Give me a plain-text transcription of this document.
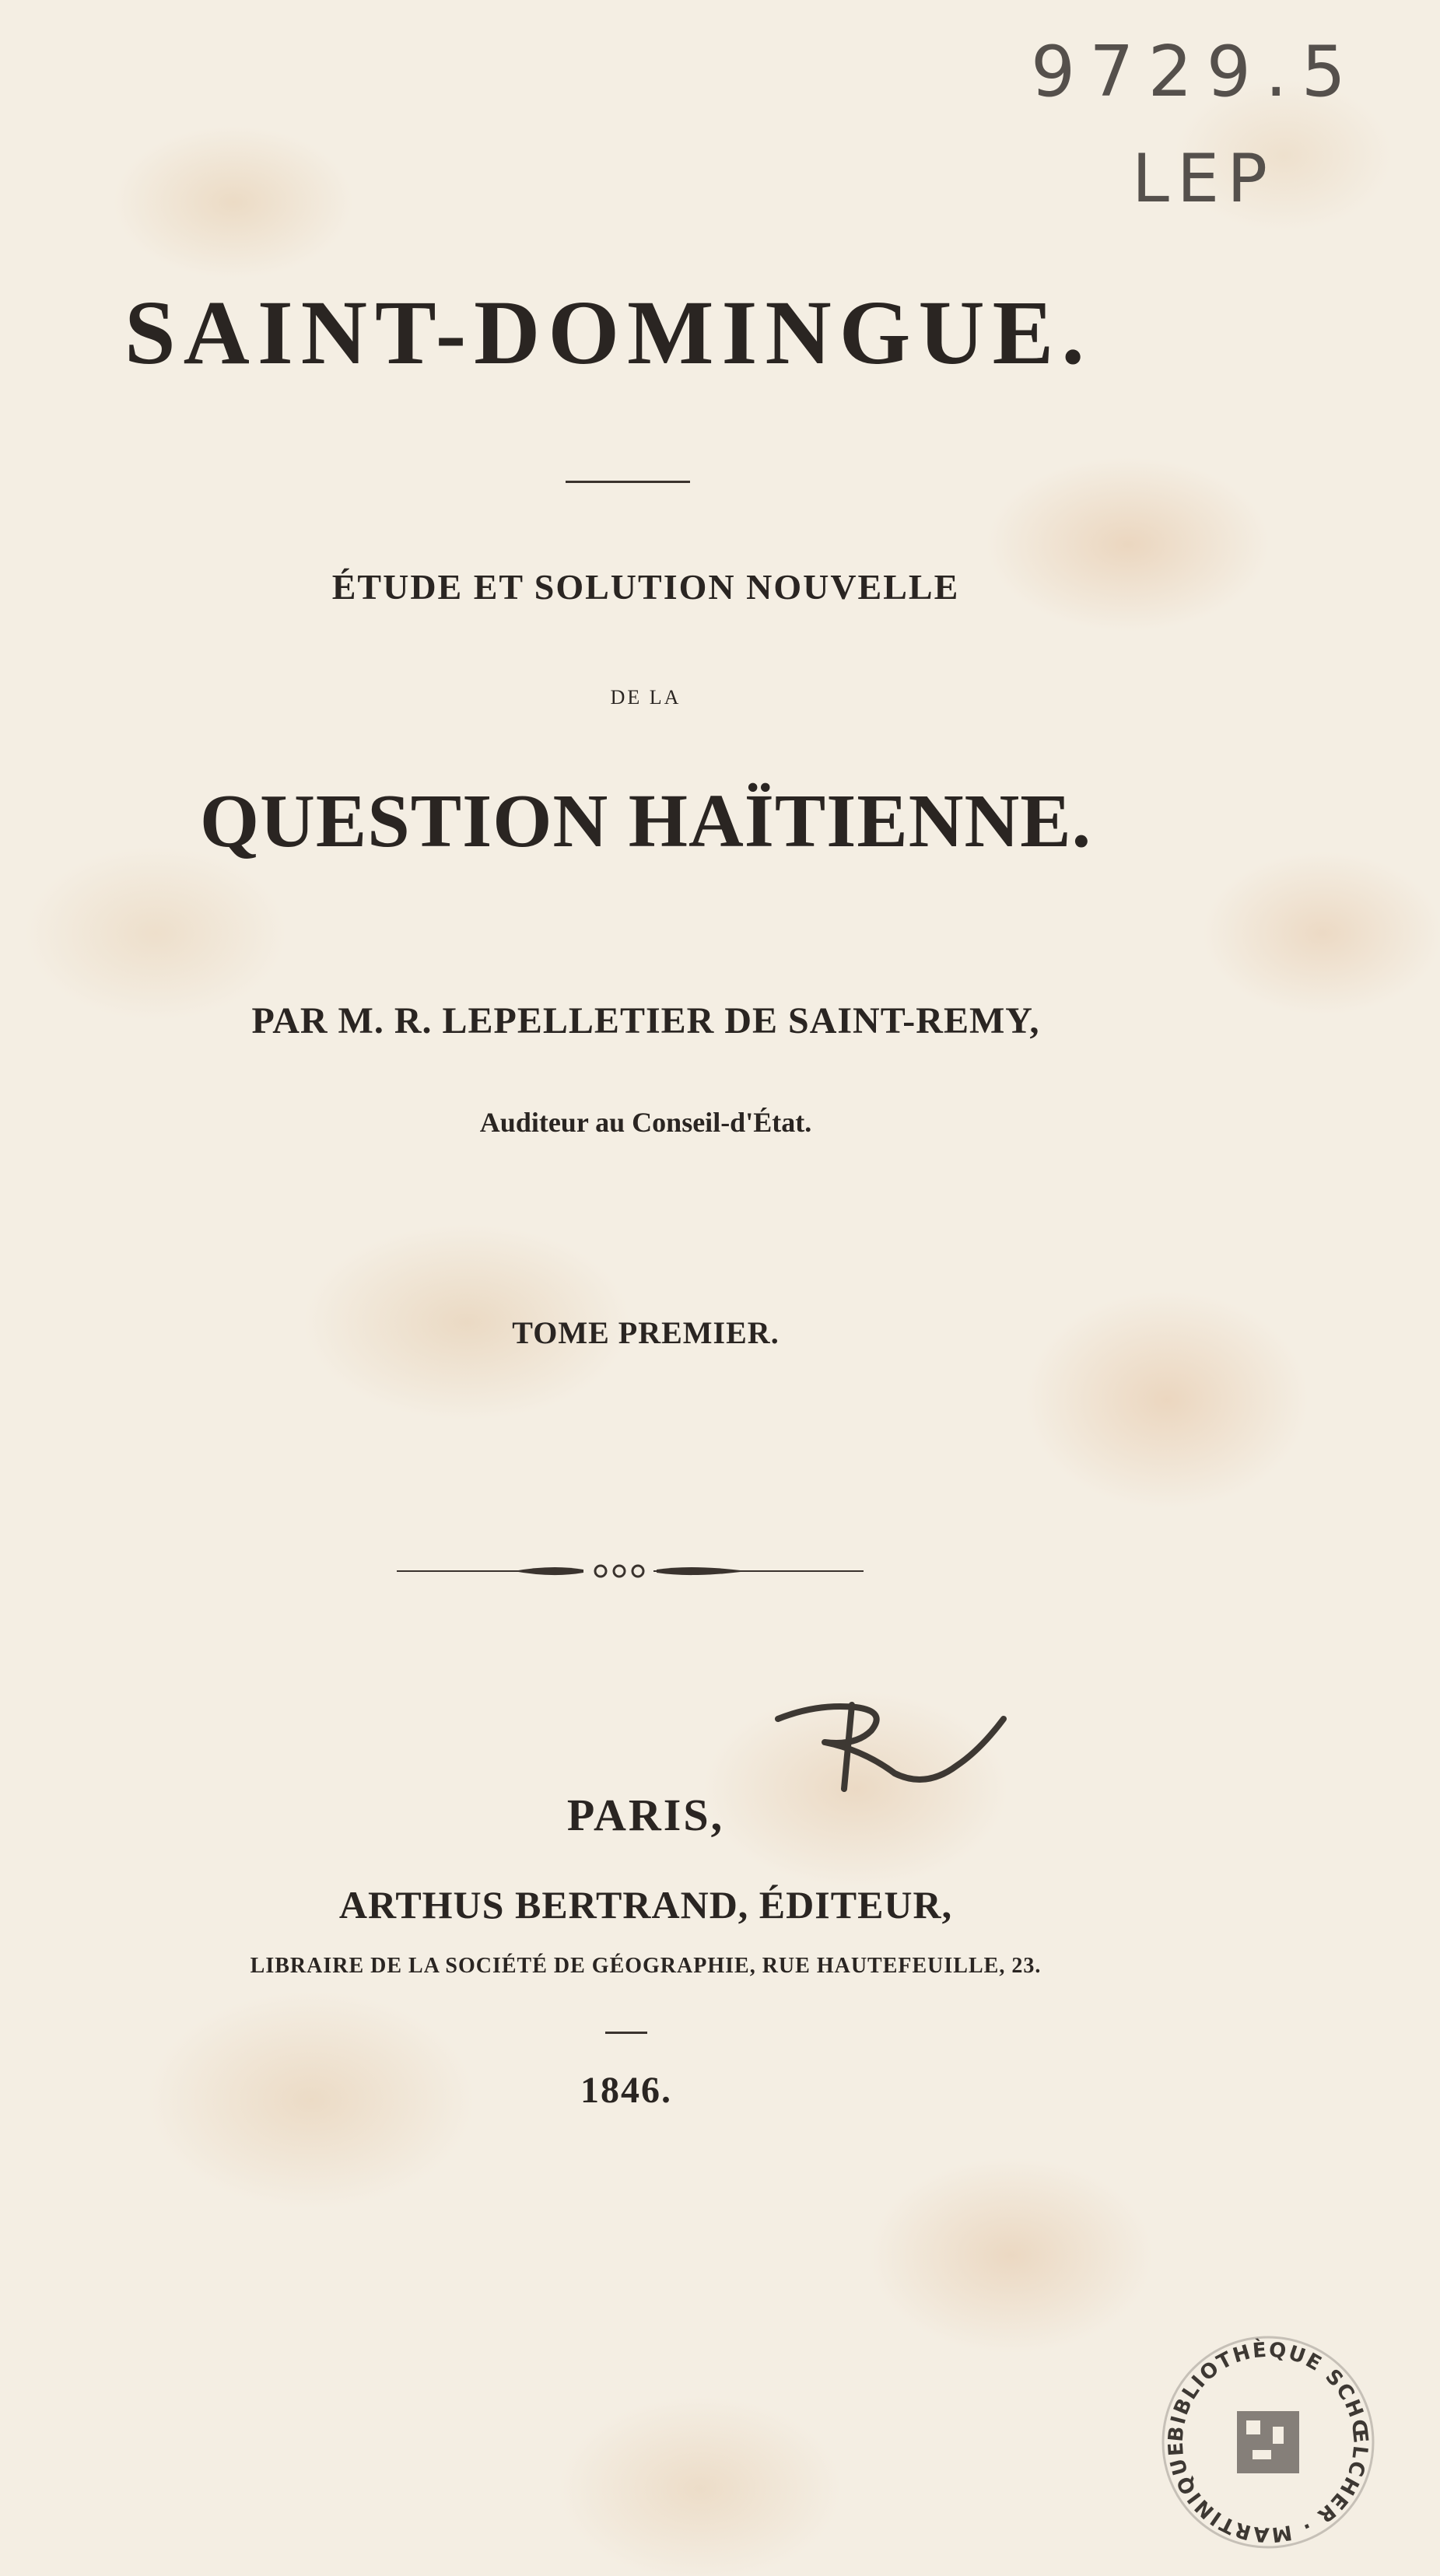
9729.5
LEP
SAINT-DOMINGUE.
ÉTUDE ET SOLUTION NOUVELLE
DE LA
QUESTION HAÏTIENNE.
PAR M. R. LEPELLETIER DE SAINT-REMY,
Auditeur au Conseil-d'État.
TOME PREMIER.
PARIS,
ARTHUS BERTRAND, ÉDITEUR,
LIBRAIRE DE LA SOCIÉTÉ DE GÉOGRAPHIE, RUE HAUTEFEUILLE, 23.
1846.
BIBLIOTHÈQUE SCHŒLCHER · MARTINIQUE
